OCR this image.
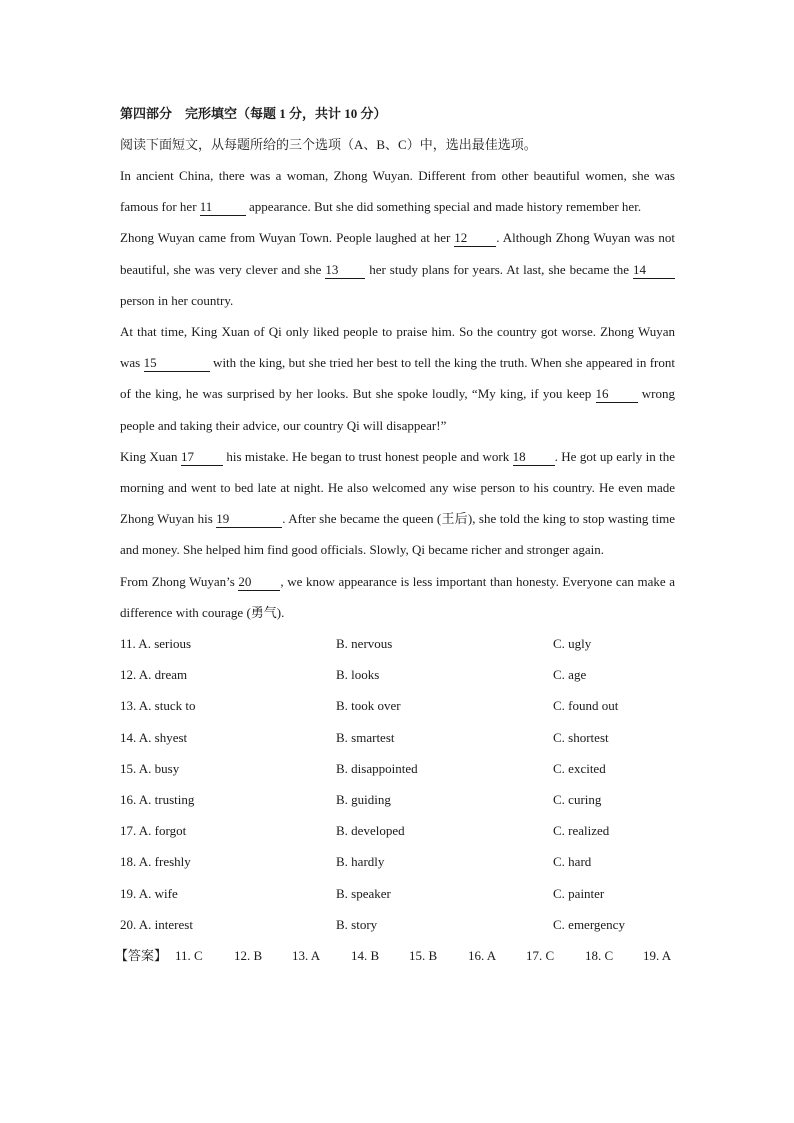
第四部分　完形填空（每题 1 分，共计 10 分）
阅读下面短文，从每题所给的三个选项（A、B、C）中，选出最佳选项。

In ancient China, there was a woman, Zhong Wuyan. Different from other beautiful women, she was famous for her 11	appearance. But she did something special and made history remember her.

Zhong Wuyan came from Wuyan Town. People laughed at her 12 . Although Zhong Wuyan was not beautiful, she was very clever and she 13 her study plans for years. At last, she became the 14 person in her country.

At that time, King Xuan of Qi only liked people to praise him. So the country got worse. Zhong Wuyan was 15	with the king, but she tried her best to tell the king the truth. When she appeared in front of the king, he was surprised by her looks. But she spoke loudly, “My king, if you keep 16 wrong people and taking their advice, our country Qi will disappear!”

King Xuan 17 his mistake. He began to trust honest people and work 18 . He got up early in the morning and went to bed late at night. He also welcomed any wise person to his country. He even made Zhong Wuyan his 19	. After she became the queen (王后), she told the king to stop wasting time and money. She helped him find good officials. Slowly, Qi became richer and stronger again.

From Zhong Wuyan’s 20 , we know appearance is less important than honesty. Everyone can make a difference with courage (勇气).

11. A. serious	B. nervous	C. ugly
12. A. dream	B. looks	C. age
13. A. stuck to	B. took over	C. found out
14. A. shyest	B. smartest	C. shortest
15. A. busy	B. disappointed	C. excited
16. A. trusting	B. guiding	C. curing
17. A. forgot	B. developed	C. realized
18. A. freshly	B. hardly	C. hard
19. A. wife	B. speaker	C. painter
20. A. interest	B. story	C. emergency
【答案】 11. C 12. B 13. A 14. B 15. B 16. A 17. C 18. C 19. A
